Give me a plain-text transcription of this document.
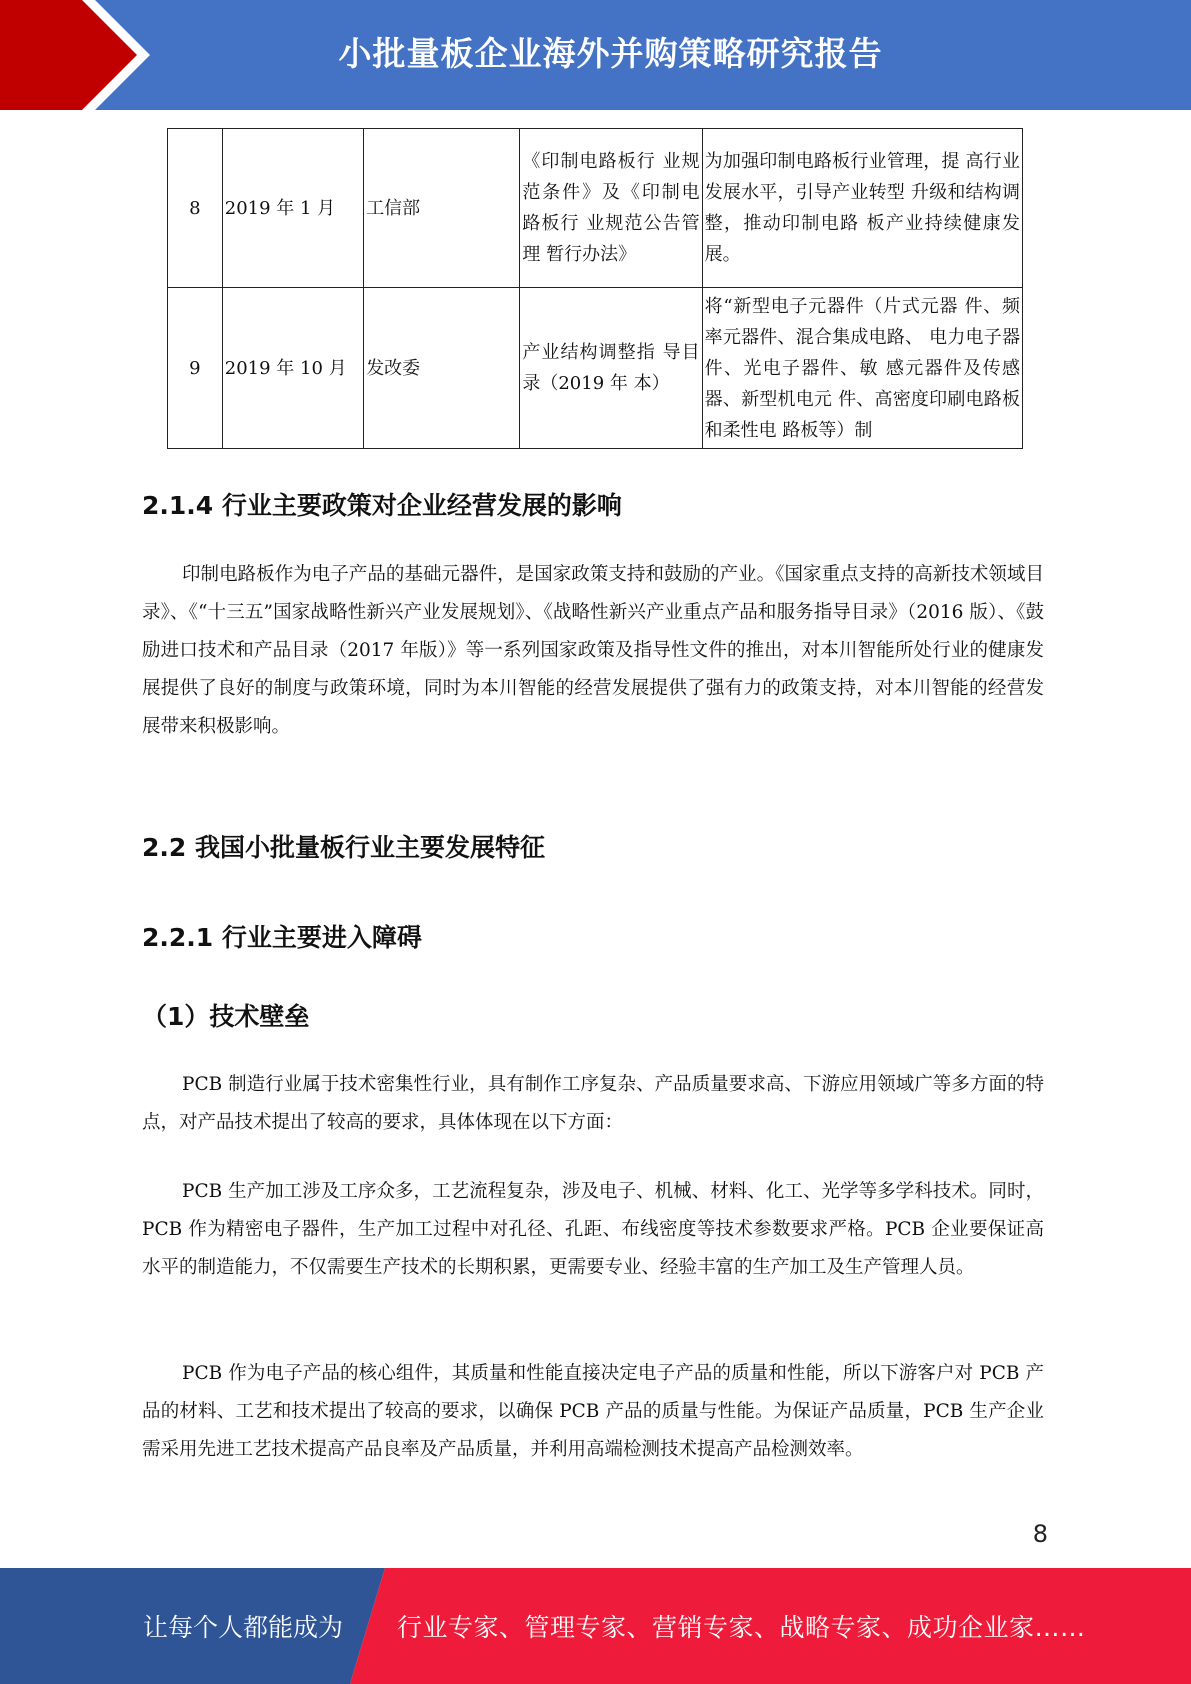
小批量板企业海外并购策略研究报告
8	2019 年 1 月	工信部	《印制电路板行 业规范条件》及《印制电路板行 业规范公告管理 暂行办法》	为加强印制电路板行业管理，提 高行业发展水平，引导产业转型 升级和结构调整，推动印制电路 板产业持续健康发展。

9	2019 年 10 月	发改委	产业结构调整指 导目录（2019 年 本）	将“新型电子元器件（片式元器 件、频率元器件、混合集成电路、 电力电子器件、光电子器件、敏 感元器件及传感器、新型机电元 件、高密度印刷电路板和柔性电 路板等）制
2.1.4 行业主要政策对企业经营发展的影响
印制电路板作为电子产品的基础元器件，是国家政策支持和鼓励的产业。《国家重点支持的高新技术领域目录》、《“十三五”国家战略性新兴产业发展规划》、《战略性新兴产业重点产品和服务指导目录》（2016 版）、《鼓励进口技术和产品目录（2017 年版）》等一系列国家政策及指导性文件的推出，对本川智能所处行业的健康发展提供了良好的制度与政策环境，同时为本川智能的经营发展提供了强有力的政策支持，对本川智能的经营发展带来积极影响。
2.2 我国小批量板行业主要发展特征
2.2.1 行业主要进入障碍
（1）技术壁垒
PCB 制造行业属于技术密集性行业，具有制作工序复杂、产品质量要求高、下游应用领域广等多方面的特点，对产品技术提出了较高的要求，具体体现在以下方面：
PCB 生产加工涉及工序众多，工艺流程复杂，涉及电子、机械、材料、化工、光学等多学科技术。同时，PCB 作为精密电子器件，生产加工过程中对孔径、孔距、布线密度等技术参数要求严格。PCB 企业要保证高水平的制造能力，不仅需要生产技术的长期积累，更需要专业、经验丰富的生产加工及生产管理人员。
PCB 作为电子产品的核心组件，其质量和性能直接决定电子产品的质量和性能，所以下游客户对 PCB 产品的材料、工艺和技术提出了较高的要求，以确保 PCB 产品的质量与性能。为保证产品质量，PCB 生产企业需采用先进工艺技术提高产品良率及产品质量，并利用高端检测技术提高产品检测效率。
8
让每个人都能成为 行业专家、管理专家、营销专家、战略专家、成功企业家……
